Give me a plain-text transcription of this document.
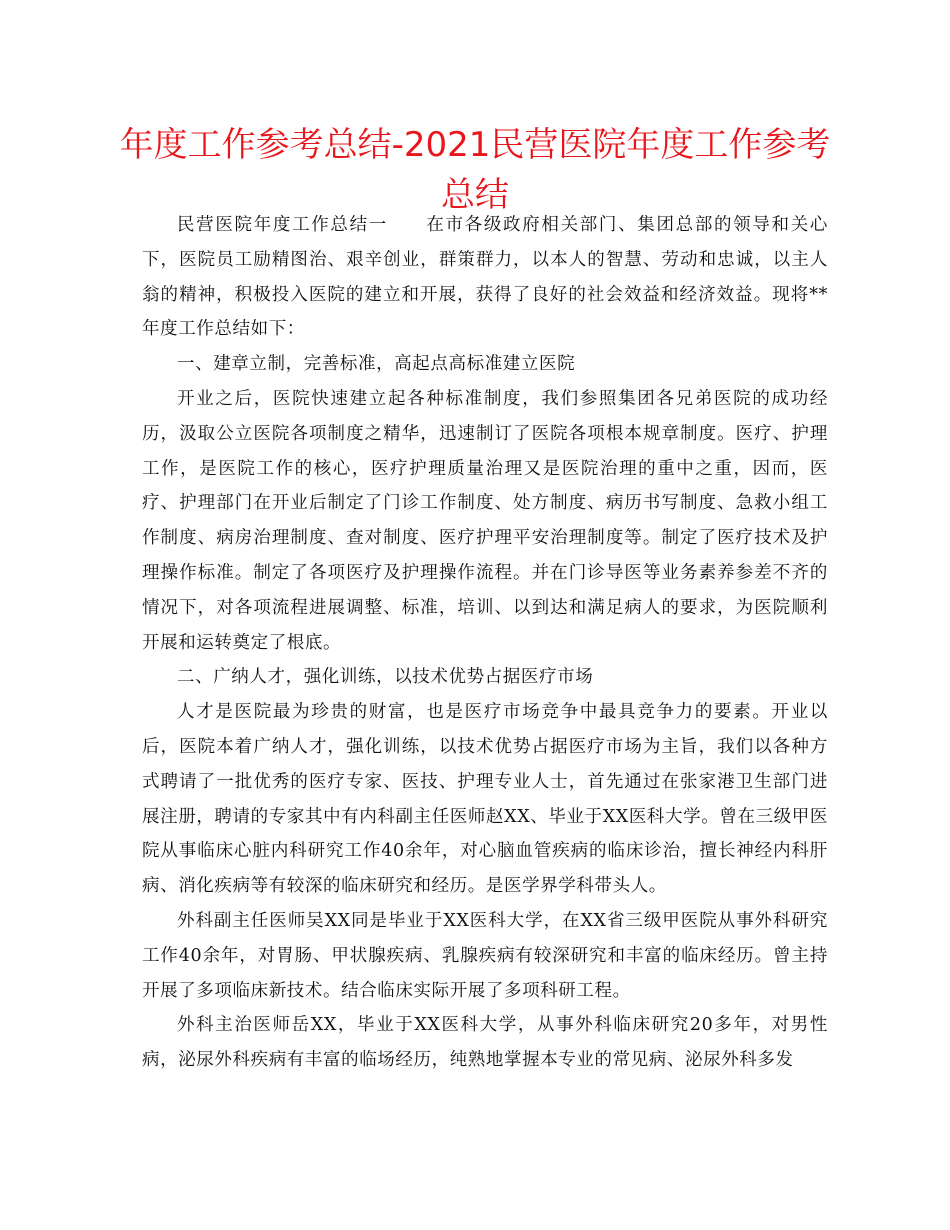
年度工作参考总结-2021民营医院年度工作参考
总结

民营医院年度工作总结一　　在市各级政府相关部门、集团总部的领导和关心下，医院员工励精图治、艰辛创业，群策群力，以本人的智慧、劳动和忠诚，以主人翁的精神，积极投入医院的建立和开展，获得了良好的社会效益和经济效益。现将**年度工作总结如下：

一、建章立制，完善标准，高起点高标准建立医院

开业之后，医院快速建立起各种标准制度，我们参照集团各兄弟医院的成功经历，汲取公立医院各项制度之精华，迅速制订了医院各项根本规章制度。医疗、护理工作，是医院工作的核心，医疗护理质量治理又是医院治理的重中之重，因而，医疗、护理部门在开业后制定了门诊工作制度、处方制度、病历书写制度、急救小组工作制度、病房治理制度、查对制度、医疗护理平安治理制度等。制定了医疗技术及护理操作标准。制定了各项医疗及护理操作流程。并在门诊导医等业务素养参差不齐的情况下，对各项流程进展调整、标准，培训、以到达和满足病人的要求，为医院顺利开展和运转奠定了根底。

二、广纳人才，强化训练，以技术优势占据医疗市场

人才是医院最为珍贵的财富，也是医疗市场竞争中最具竞争力的要素。开业以后，医院本着广纳人才，强化训练，以技术优势占据医疗市场为主旨，我们以各种方式聘请了一批优秀的医疗专家、医技、护理专业人士，首先通过在张家港卫生部门进展注册，聘请的专家其中有内科副主任医师赵XX、毕业于XX医科大学。曾在三级甲医院从事临床心脏内科研究工作40余年，对心脑血管疾病的临床诊治，擅长神经内科肝病、消化疾病等有较深的临床研究和经历。是医学界学科带头人。

外科副主任医师吴XX同是毕业于XX医科大学，在XX省三级甲医院从事外科研究工作40余年，对胃肠、甲状腺疾病、乳腺疾病有较深研究和丰富的临床经历。曾主持开展了多项临床新技术。结合临床实际开展了多项科研工程。

外科主治医师岳XX，毕业于XX医科大学，从事外科临床研究20多年，对男性病，泌尿外科疾病有丰富的临场经历，纯熟地掌握本专业的常见病、泌尿外科多发
